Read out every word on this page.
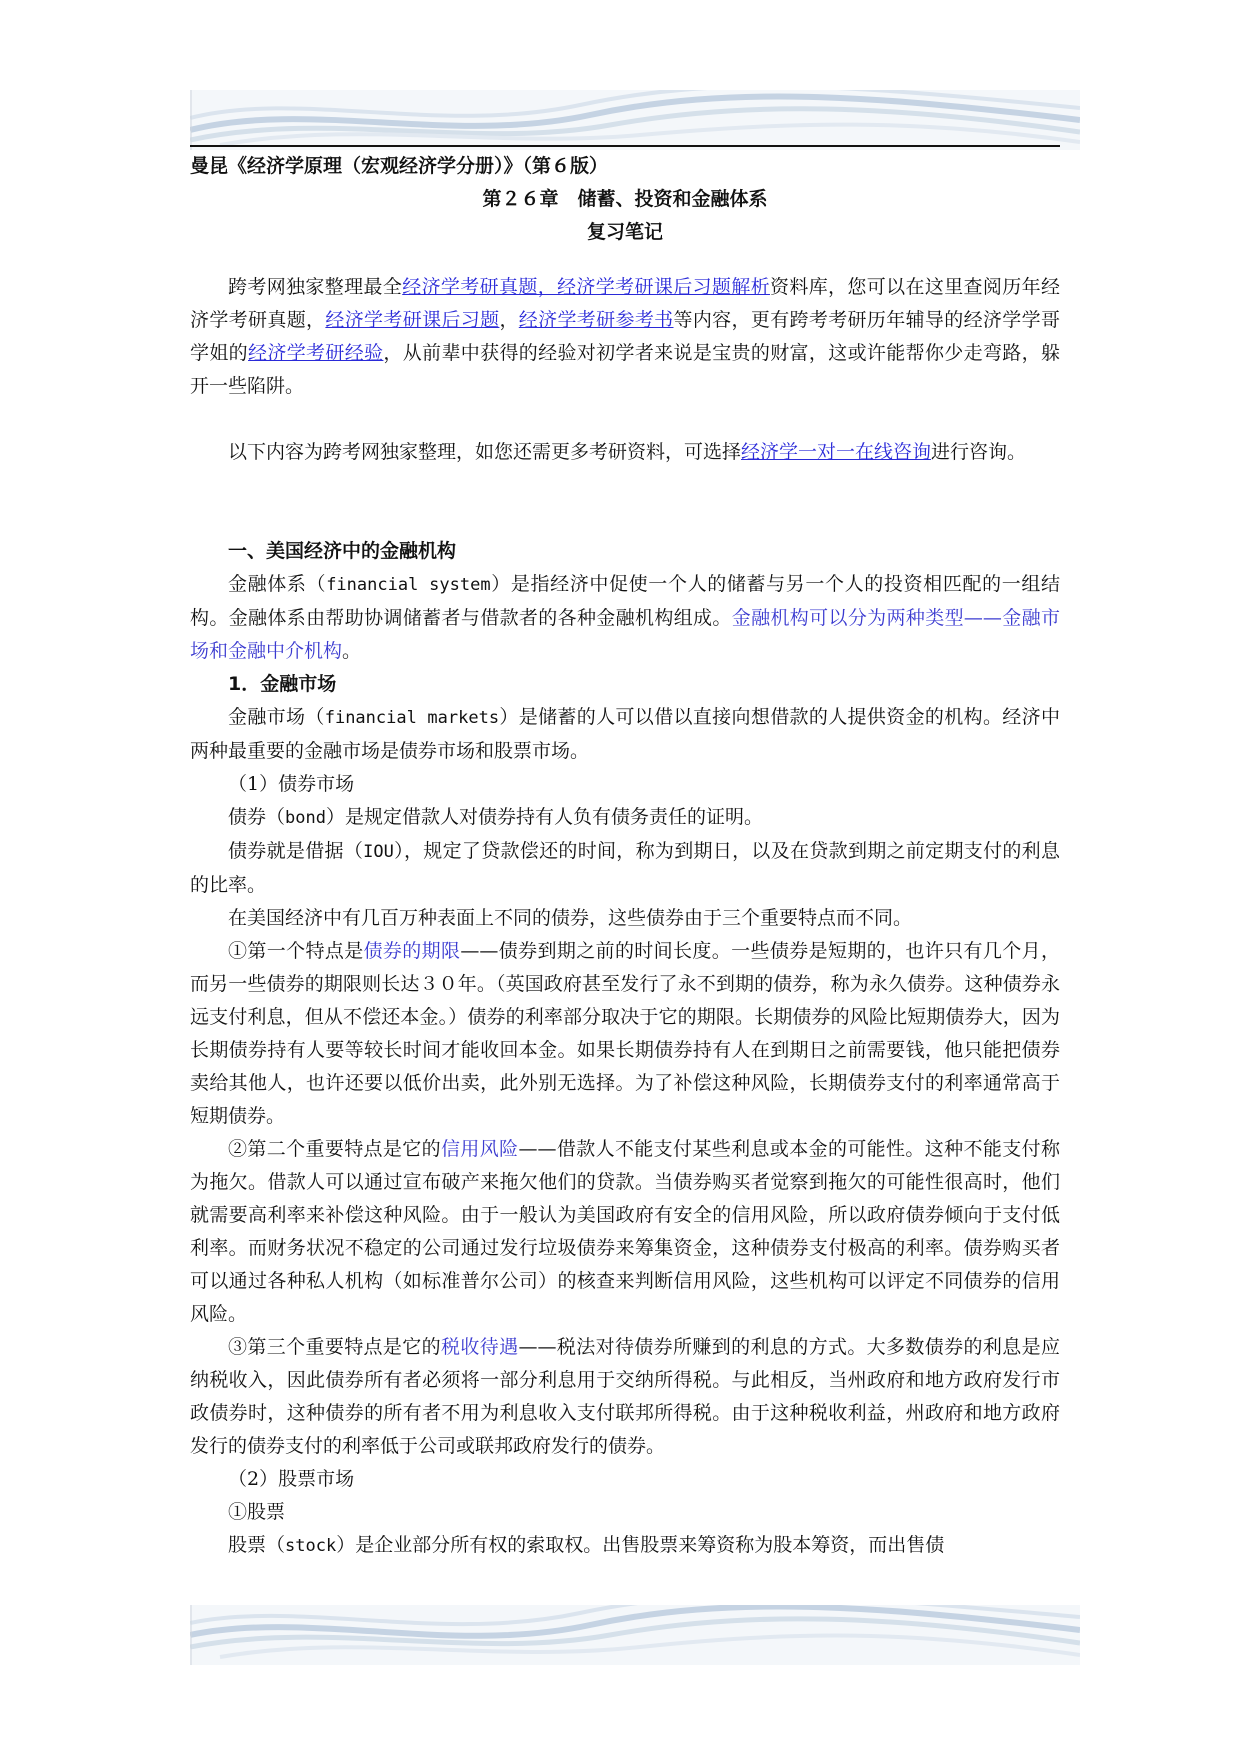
曼昆《经济学原理（宏观经济学分册）》（第６版）
第２６章　储蓄、投资和金融体系
复习笔记

跨考网独家整理最全经济学考研真题，经济学考研课后习题解析资料库，您可以在这里查阅历年经济学考研真题，经济学考研课后习题，经济学考研参考书等内容，更有跨考考研历年辅导的经济学学哥学姐的经济学考研经验，从前辈中获得的经验对初学者来说是宝贵的财富，这或许能帮你少走弯路，躲开一些陷阱。

以下内容为跨考网独家整理，如您还需更多考研资料，可选择经济学一对一在线咨询进行咨询。

一、美国经济中的金融机构

金融体系（financial system）是指经济中促使一个人的储蓄与另一个人的投资相匹配的一组结构。金融体系由帮助协调储蓄者与借款者的各种金融机构组成。金融机构可以分为两种类型——金融市场和金融中介机构。

1．金融市场

金融市场（financial markets）是储蓄的人可以借以直接向想借款的人提供资金的机构。经济中两种最重要的金融市场是债券市场和股票市场。

（1）债券市场

债券（bond）是规定借款人对债券持有人负有债务责任的证明。

债券就是借据（IOU），规定了贷款偿还的时间，称为到期日，以及在贷款到期之前定期支付的利息的比率。

在美国经济中有几百万种表面上不同的债券，这些债券由于三个重要特点而不同。

①第一个特点是债券的期限——债券到期之前的时间长度。一些债券是短期的，也许只有几个月，而另一些债券的期限则长达３０年。（英国政府甚至发行了永不到期的债券，称为永久债券。这种债券永远支付利息，但从不偿还本金。）债券的利率部分取决于它的期限。长期债券的风险比短期债券大，因为长期债券持有人要等较长时间才能收回本金。如果长期债券持有人在到期日之前需要钱，他只能把债券卖给其他人，也许还要以低价出卖，此外别无选择。为了补偿这种风险，长期债券支付的利率通常高于短期债券。

②第二个重要特点是它的信用风险——借款人不能支付某些利息或本金的可能性。这种不能支付称为拖欠。借款人可以通过宣布破产来拖欠他们的贷款。当债券购买者觉察到拖欠的可能性很高时，他们就需要高利率来补偿这种风险。由于一般认为美国政府有安全的信用风险，所以政府债券倾向于支付低利率。而财务状况不稳定的公司通过发行垃圾债券来筹集资金，这种债券支付极高的利率。债券购买者可以通过各种私人机构（如标准普尔公司）的核查来判断信用风险，这些机构可以评定不同债券的信用风险。

③第三个重要特点是它的税收待遇——税法对待债券所赚到的利息的方式。大多数债券的利息是应纳税收入，因此债券所有者必须将一部分利息用于交纳所得税。与此相反，当州政府和地方政府发行市政债券时，这种债券的所有者不用为利息收入支付联邦所得税。由于这种税收利益，州政府和地方政府发行的债券支付的利率低于公司或联邦政府发行的债券。

（2）股票市场

①股票

股票（stock）是企业部分所有权的索取权。出售股票来筹资称为股本筹资，而出售债
